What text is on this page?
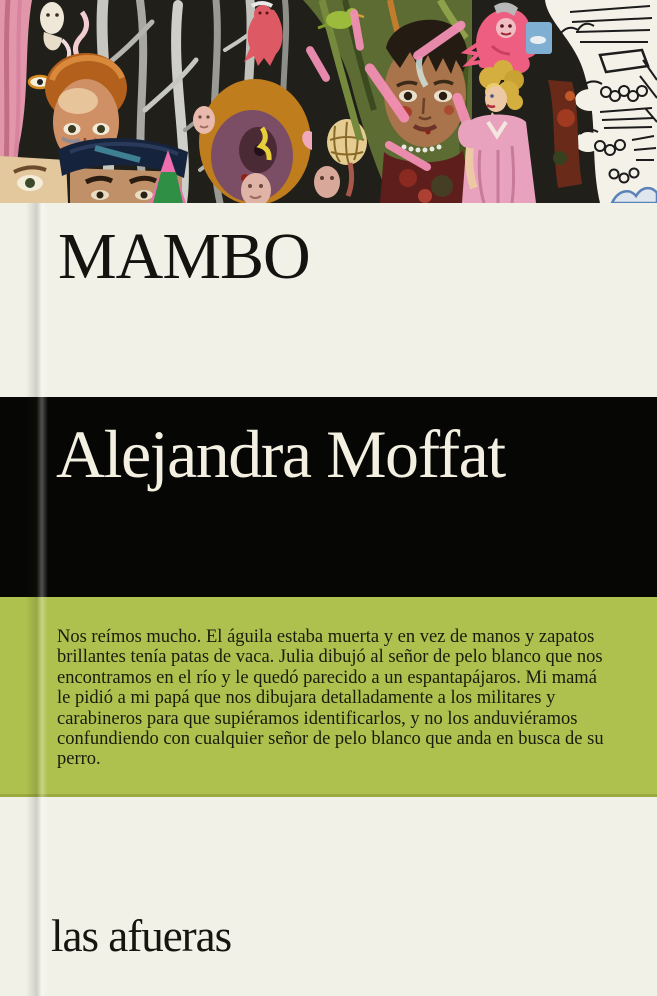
MAMBO
Alejandra Moffat
Nos reímos mucho. El águila estaba muerta y en vez de manos y zapatos brillantes tenía patas de vaca. Julia dibujó al señor de pelo blanco que nos encontramos en el río y le quedó parecido a un espantapájaros. Mi mamá le pidió a mi papá que nos dibujara detalladamente a los militares y carabineros para que supiéramos identificarlos, y no los anduviéramos confundiendo con cualquier señor de pelo blanco que anda en busca de su perro.
las afueras
